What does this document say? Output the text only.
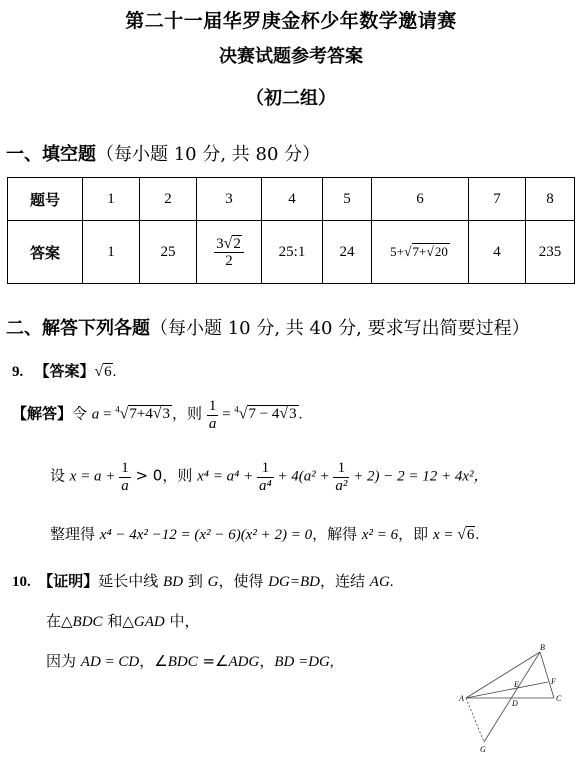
第二十一届华罗庚金杯少年数学邀请赛
决赛试题参考答案
（初二组）
一、填空题（每小题 10 分, 共 80 分）
题号	1	2	3	4	5	6	7	8
答案	1	25	$\frac{3√2}{2}$	25:1	24	5+√7+√20	4	235
二、解答下列各题（每小题 10 分, 共 40 分, 要求写出简要过程）
9. 【答案】√6.
【解答】令 a = $^4$√7+4√3 ，则 $\frac{1}{a} = ^4√7 - 4√3$ .
设 $x = a + \frac{1}{a} > 0$，则 $x^4 = a^4 + \frac{1}{\text{a⁴}} + 4(a^2 + \frac{1}{\text{a²}} + 2) - 2 = 12 + 4x^2$，
整理得 x⁴ − 4x² −12 = (x² − 6)(x² + 2) = 0，解得 x² = 6，即 x = √6.
10. 【证明】延长中线 BD 到 G，使得 DG=BD，连结 AG.
在△BDC 和△GAD 中，
因为 AD = CD，∠BDC =∠ADG，BD =DG,
B
F
E
A
D
C
G
